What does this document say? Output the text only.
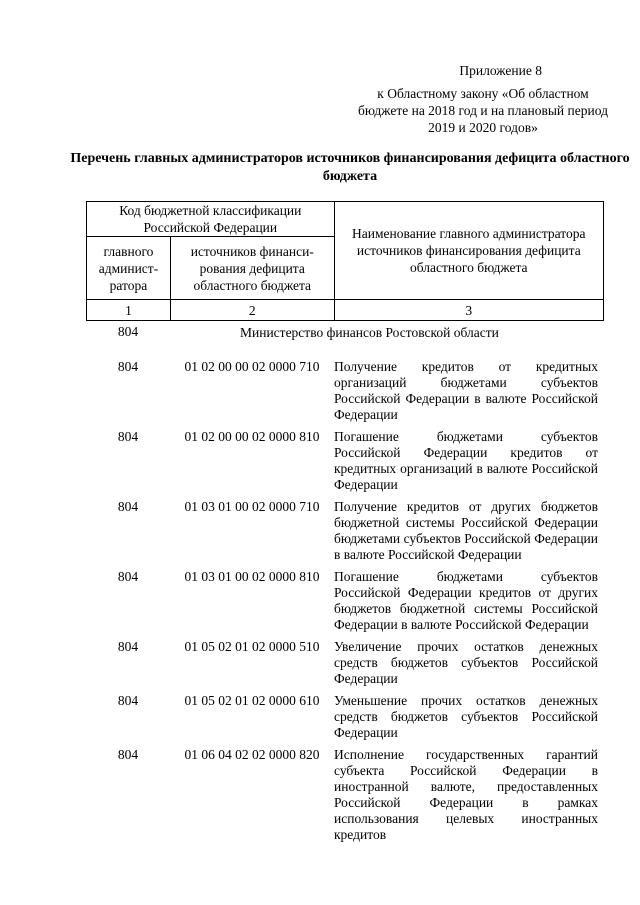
Приложение 8
к Областному закону «Об областном бюджете на 2018 год и на плановый период 2019 и 2020 годов»
Перечень главных администраторов источников финансирования дефицита областного бюджета
Код бюджетной классификации Российской Федерации		Наименование главного администратора источников финансирования дефицита областного бюджета
главного админист-ратора	источников финанси-рования дефицита областного бюджета	
1	2	3
804	Министерство финансов Ростовской области
804	01 02 00 00 02 0000 710	Получение кредитов от кредитных организаций бюджетами субъектов Российской Федерации в валюте Российской Федерации
804	01 02 00 00 02 0000 810	Погашение бюджетами субъектов Российской Федерации кредитов от кредитных организаций в валюте Российской Федерации
804	01 03 01 00 02 0000 710	Получение кредитов от других бюджетов бюджетной системы Российской Федерации бюджетами субъектов Российской Федерации в валюте Российской Федерации
804	01 03 01 00 02 0000 810	Погашение бюджетами субъектов Российской Федерации кредитов от других бюджетов бюджетной системы Российской Федерации в валюте Российской Федерации
804	01 05 02 01 02 0000 510	Увеличение прочих остатков денежных средств бюджетов субъектов Российской Федерации
804	01 05 02 01 02 0000 610	Уменьшение прочих остатков денежных средств бюджетов субъектов Российской Федерации
804	01 06 04 02 02 0000 820	Исполнение государственных гарантий субъекта Российской Федерации в иностранной валюте, предоставленных Российской Федерации в рамках использования целевых иностранных кредитов
